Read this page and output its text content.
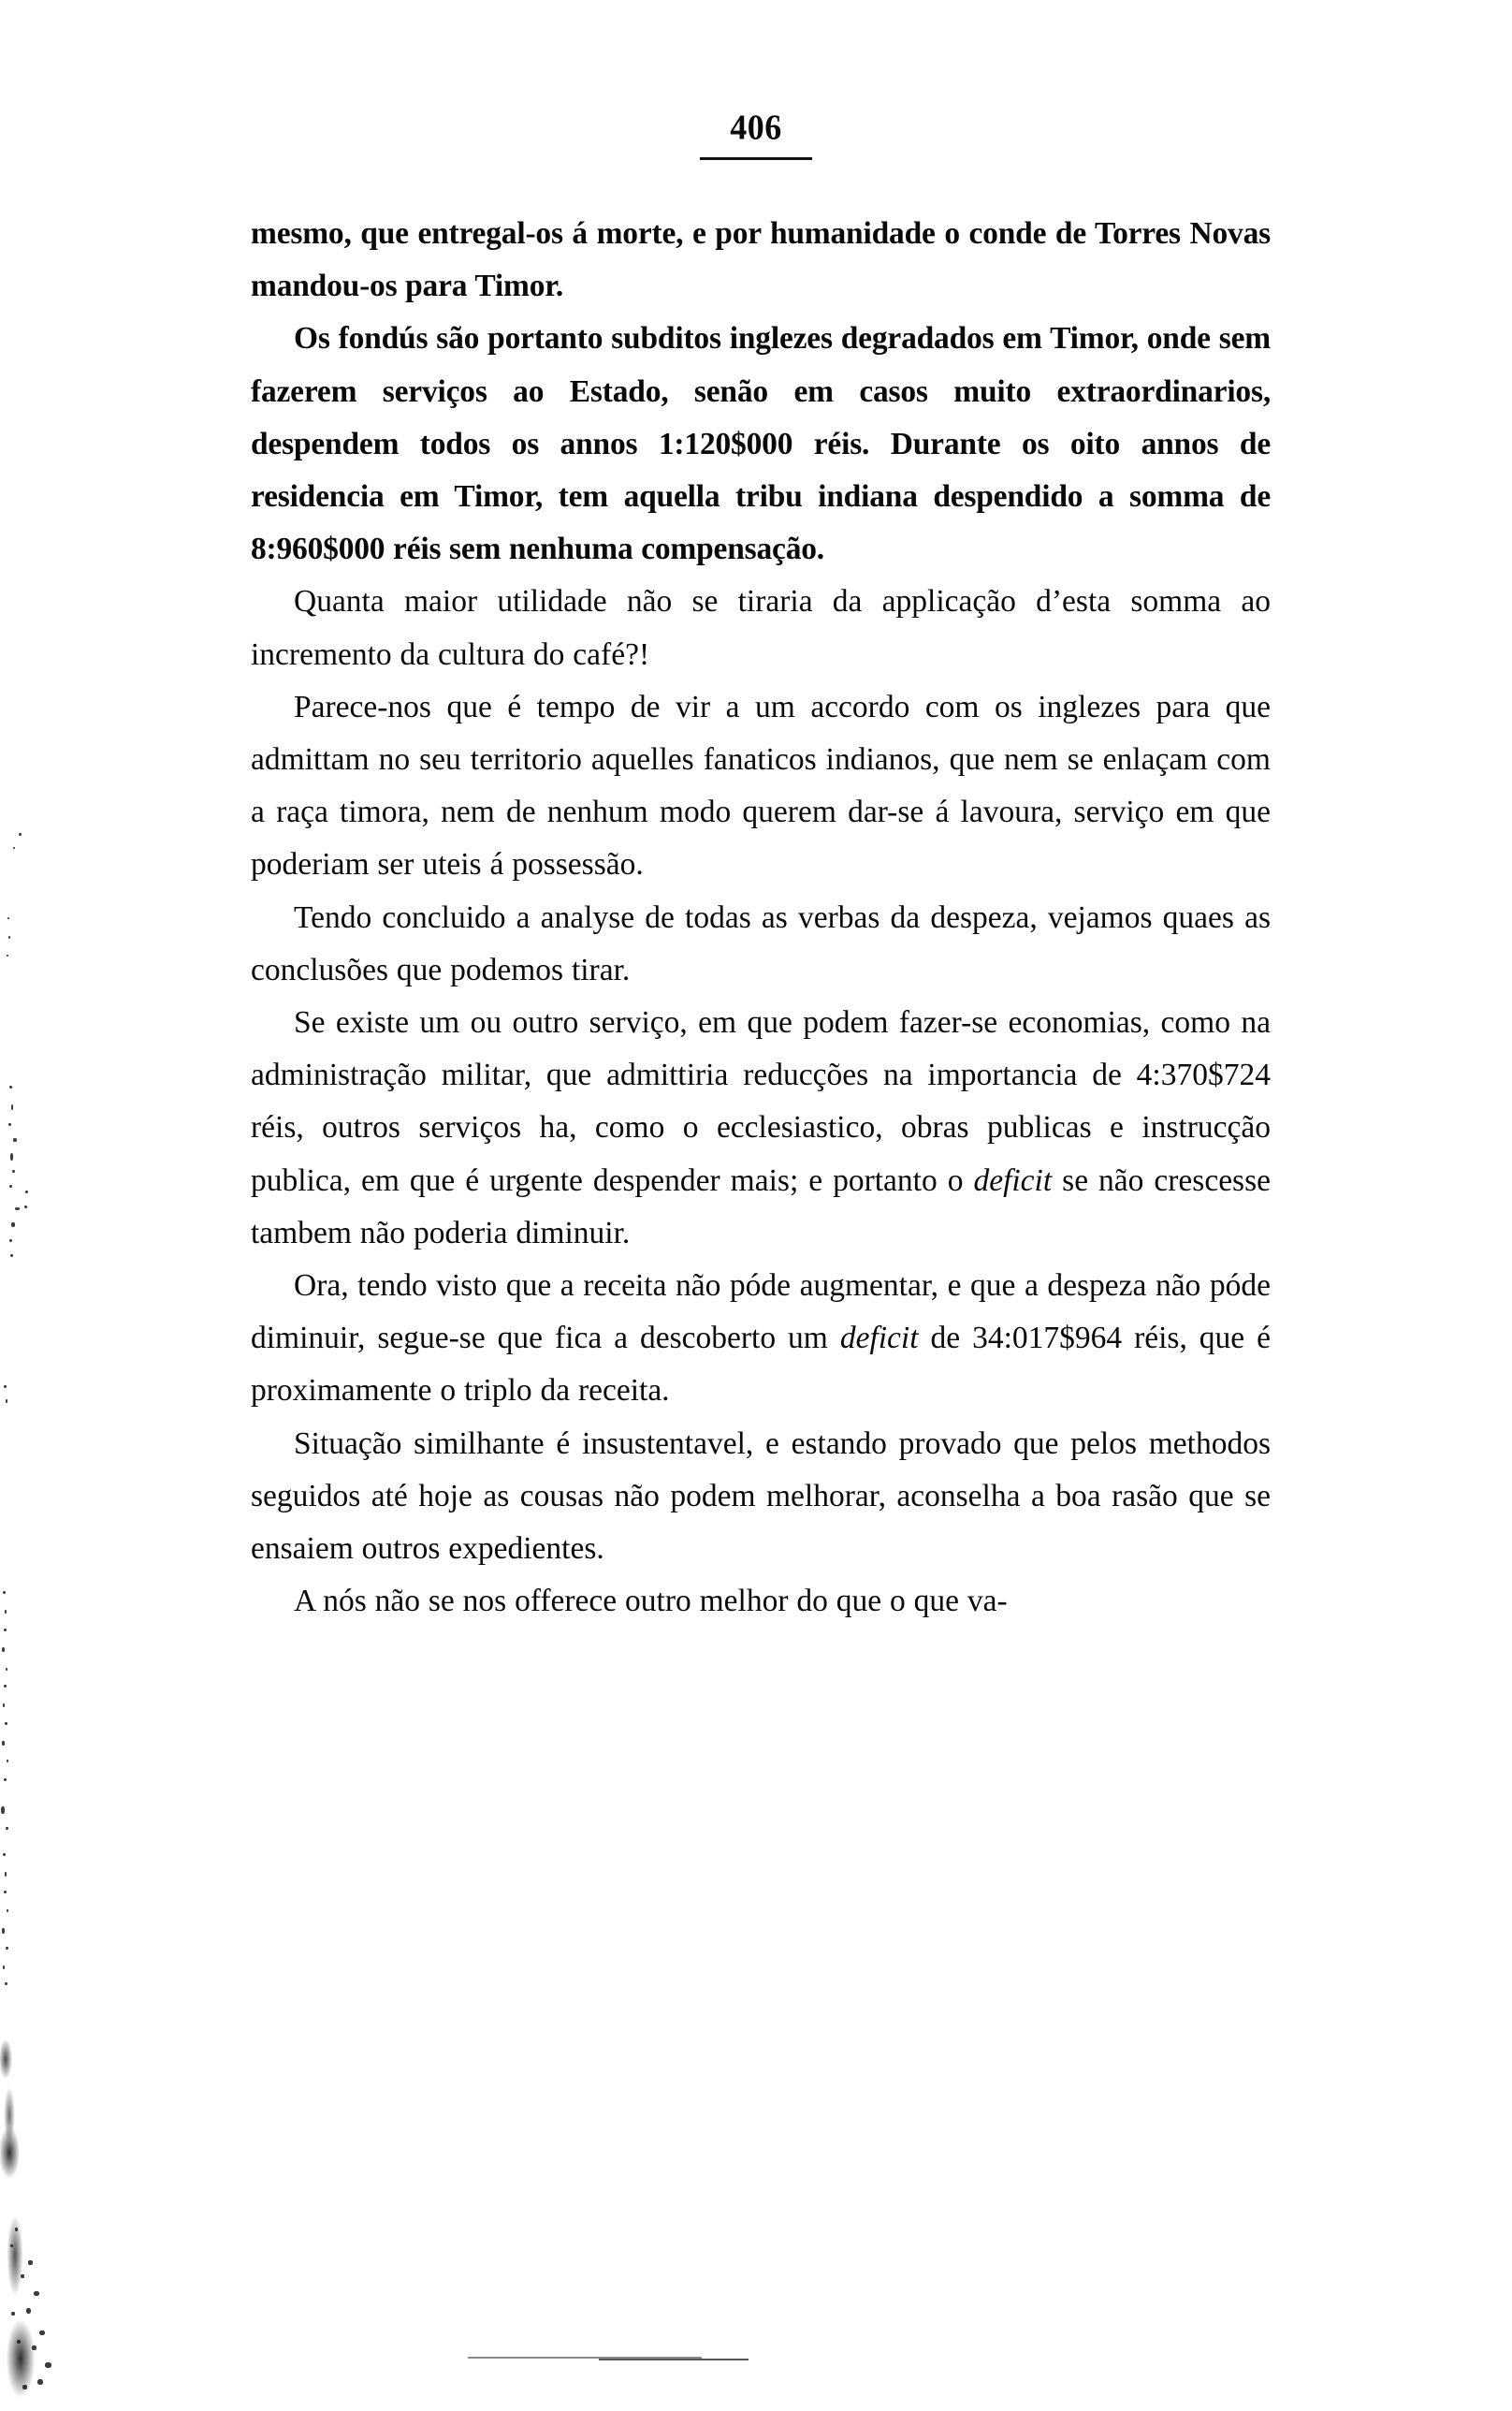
406

mesmo, que entregal-os á morte, e por humanidade o conde de Torres Novas mandou-os para Timor.

Os fondús são portanto subditos inglezes degradados em Timor, onde sem fazerem serviços ao Estado, senão em casos muito extraordinarios, despendem todos os annos 1:120$000 réis. Durante os oito annos de residencia em Timor, tem aquella tribu indiana despendido a somma de 8:960$000 réis sem nenhuma compensação.

Quanta maior utilidade não se tiraria da applicação d’esta somma ao incremento da cultura do café?!

Parece-nos que é tempo de vir a um accordo com os inglezes para que admittam no seu territorio aquelles fanaticos indianos, que nem se enlaçam com a raça timora, nem de nenhum modo querem dar-se á lavoura, serviço em que poderiam ser uteis á possessão.

Tendo concluido a analyse de todas as verbas da despeza, vejamos quaes as conclusões que podemos tirar.

Se existe um ou outro serviço, em que podem fazer-se economias, como na administração militar, que admittiria reducções na importancia de 4:370$724 réis, outros serviços ha, como o ecclesiastico, obras publicas e instrucção publica, em que é urgente despender mais; e portanto o deficit se não crescesse tambem não poderia diminuir.

Ora, tendo visto que a receita não póde augmentar, e que a despeza não póde diminuir, segue-se que fica a descoberto um deficit de 34:017$964 réis, que é proximamente o triplo da receita.

Situação similhante é insustentavel, e estando provado que pelos methodos seguidos até hoje as cousas não podem melhorar, aconselha a boa rasão que se ensaiem outros expedientes.

A nós não se nos offerece outro melhor do que o que va-
